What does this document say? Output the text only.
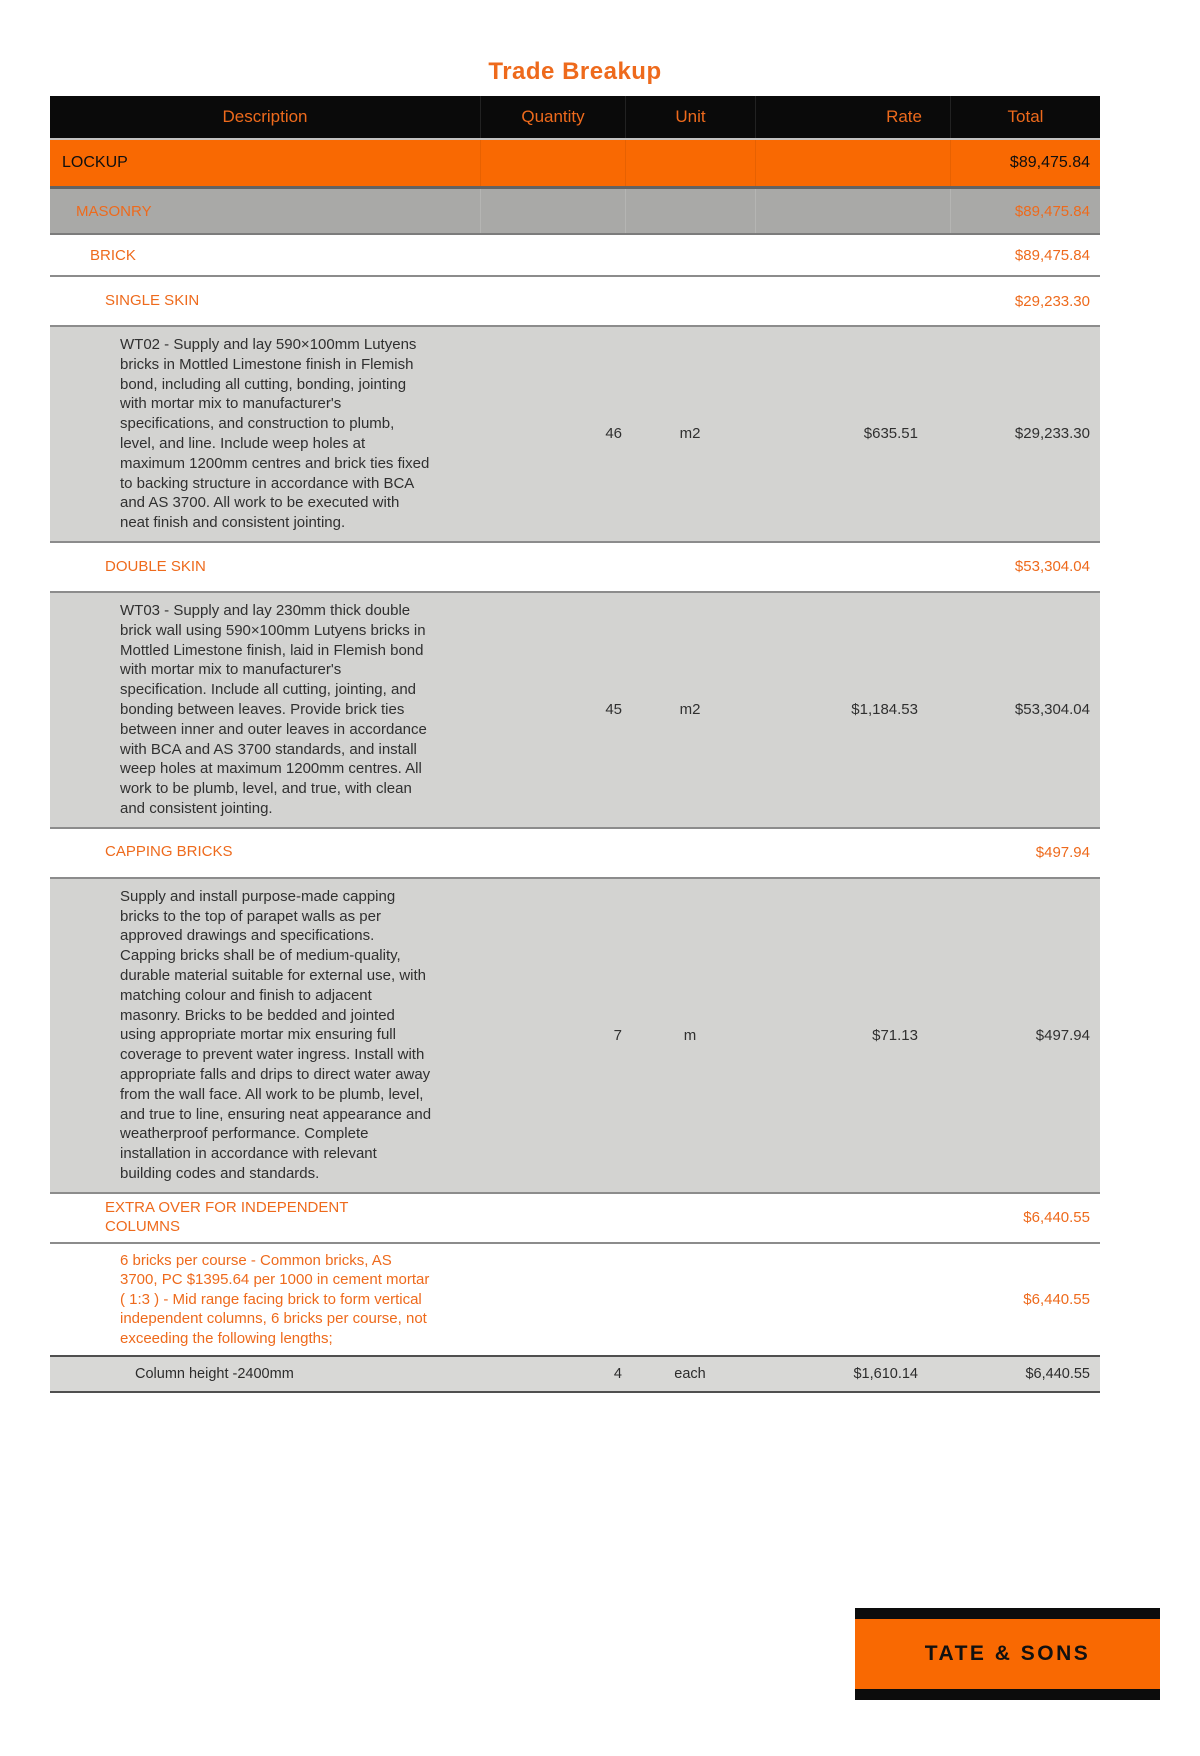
Trade Breakup
Description	Quantity	Unit	Rate	Total
LOCKUP	$89,475.84
MASONRY	$89,475.84
BRICK	$89,475.84
SINGLE SKIN	$29,233.30
WT02 - Supply and lay 590×100mm Lutyens bricks in Mottled Limestone finish in Flemish bond, including all cutting, bonding, jointing with mortar mix to manufacturer's specifications, and construction to plumb, level, and line. Include weep holes at maximum 1200mm centres and brick ties fixed to backing structure in accordance with BCA and AS 3700. All work to be executed with neat finish and consistent jointing.
46	m2	$635.51	$29,233.30
DOUBLE SKIN	$53,304.04
WT03 - Supply and lay 230mm thick double brick wall using 590×100mm Lutyens bricks in Mottled Limestone finish, laid in Flemish bond with mortar mix to manufacturer's specification. Include all cutting, jointing, and bonding between leaves. Provide brick ties between inner and outer leaves in accordance with BCA and AS 3700 standards, and install weep holes at maximum 1200mm centres. All work to be plumb, level, and true, with clean and consistent jointing.
45	m2	$1,184.53	$53,304.04
CAPPING BRICKS	$497.94
Supply and install purpose-made capping bricks to the top of parapet walls as per approved drawings and specifications. Capping bricks shall be of medium-quality, durable material suitable for external use, with matching colour and finish to adjacent masonry. Bricks to be bedded and jointed using appropriate mortar mix ensuring full coverage to prevent water ingress. Install with appropriate falls and drips to direct water away from the wall face. All work to be plumb, level, and true to line, ensuring neat appearance and weatherproof performance. Complete installation in accordance with relevant building codes and standards.
7	m	$71.13	$497.94
EXTRA OVER FOR INDEPENDENT COLUMNS	$6,440.55
6 bricks per course - Common bricks, AS 3700, PC $1395.64 per 1000 in cement mortar ( 1:3 ) - Mid range facing brick to form vertical independent columns, 6 bricks per course, not exceeding the following lengths;
$6,440.55
Column height -2400mm	4	each	$1,610.14	$6,440.55
TATE & SONS
